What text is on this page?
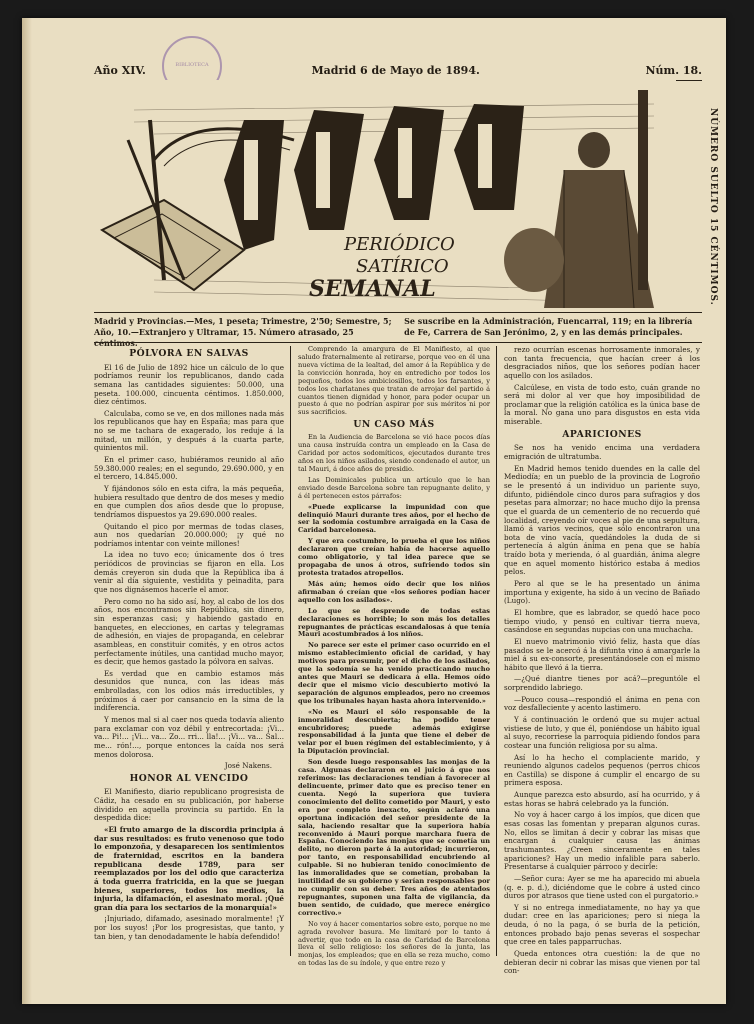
BIBLIOTECA
Año XIV.	Madrid 6 de Mayo de 1894.	Núm. 18.
PERIÓDICO
SATÍRICO
SEMANAL
EL MOTÍN	NÚMERO SUELTO 15 CÉNTIMOS.
Madrid y Provincias.—Mes, 1 peseta; Trimestre, 2'50; Semestre, 5; Año, 10.—Extranjero y Ultramar, 15. Número atrasado, 25 céntimos.
Se suscribe en la Administración, Fuencarral, 119; en la librería de Fe, Carrera de San Jerónimo, 2, y en las demás principales.
PÓLVORA EN SALVAS

El 16 de Julio de 1892 hice un cálculo de lo que podríamos reunir los republicanos, dando cada semana las cantidades siguientes: 50.000, una peseta. 100.000, cincuenta céntimos. 1.850.000, diez céntimos.

Calculaba, como se ve, en dos millones nada más los republicanos que hay en España; mas para que no se me tachara de exagerado, los reduje á la mitad, un millón, y después á la cuarta parte, quinientos mil.

En el primer caso, hubiéramos reunido al año 59.380.000 reales; en el segundo, 29.690.000, y en el tercero, 14.845.000.

Y fijándonos sólo en esta cifra, la más pequeña, hubiera resultado que dentro de dos meses y medio en que cumplen dos años desde que lo propuse, tendríamos dispuestos ya 29.690.000 reales.

Quitando el pico por mermas de todas clases, aun nos quedarían 20.000.000; ¡y qué no podríamos intentar con veinte millones!

La idea no tuvo eco; únicamente dos ó tres periódicos de provincias se fijaron en ella. Los demás creyeron sin duda que la República iba á venir al día siguiente, vestidita y peinadita, para que nos dignásemos hacerle el amor.

Pero como no ha sido así, hoy, al cabo de los dos años, nos encontramos sin República, sin dinero, sin esperanzas casi; y habiendo gastado en banquetes, en elecciones, en cartas y telegramas de adhesión, en viajes de propaganda, en celebrar asambleas, en constituir comités, y en otros actos perfectamente inútiles, una cantidad mucho mayor, es decir, que hemos gastado la pólvora en salvas.

Es verdad que en cambio estamos más desunidos que nunca, con las ideas más embrolladas, con los odios más irreductibles, y próximos á caer por cansancio en la sima de la indiferencia.

Y menos mal si al caer nos queda todavía aliento para exclamar con voz débil y entrecortada: ¡Vi... va... Pi!... ¡Vi... va... Zo... rri... lla!... ¡Vi... va... Sal... me... rón!..., porque entonces la caída nos será menos dolorosa.

José Nakens.

HONOR AL VENCIDO

El Manifiesto, diario republicano progresista de Cádiz, ha cesado en su publicación, por haberse dividido en aquella provincia su partido. En la despedida dice:

«El fruto amargo de la discordia principia á dar sus resultados: es fruto venenoso que todo lo emponzoña, y desaparecen los sentimientos de fraternidad, escritos en la bandera republicana desde 1789, para ser reemplazados por los del odio que caracteriza á toda guerra fratricida, en la que se juegan bienes, superiores, todos los medios, la injuria, la difamación, el asesinato moral. ¡Qué gran día para los sectarios de la monarquía!»

¡Injuriado, difamado, asesinado moralmente! ¡Y por los suyos! ¡Por los progresistas, que tanto, y tan bien, y tan denodadamente le había defendido!

Comprendo la amargura de El Manifiesto, al que saludo fraternalmente al retirarse, porque veo en él una nueva víctima de la lealtad, del amor á la República y de la convicción honrada, hoy en entredicho por todos los pequeños, todos los ambiciosillos, todos los farsantes, y todos los charlatanes que tratan de arrojar del partido á cuantos tienen dignidad y honor, para poder ocupar un puesto á que no podrían aspirar por sus méritos ni por sus sacrificios.

UN CASO MÁS

En la Audiencia de Barcelona se vió hace pocos días una causa instruída contra un empleado en la Casa de Caridad por actos sodomíticos, ejecutados durante tres años en los niños asilados, siendo condenado el autor, un tal Mauri, á doce años de presidio.

Las Dominicales publica un artículo que le han enviado desde Barcelona sobre tan repugnante delito, y á él pertenecen estos párrafos:

«Puede explicarse la impunidad con que delinquió Mauri durante tres años, por el hecho de ser la sodomía costumbre arraigada en la Casa de Caridad barcelonesa.

Y que era costumbre, lo prueba el que los niños declararon que creían había de hacerse aquello como obligatorio, y tal idea parece que se propagaba de unos á otros, sufriendo todos sin protesta tratados atropellos.

Más aún; hemos oído decir que los niños afirmaban ó creían que «los señores podían hacer aquello con los asilados».

Lo que se desprende de todas estas declaraciones es horrible; lo son más los detalles repugnantes de prácticas escandalosas á que tenía Mauri acostumbrados á los niños.

No parece ser este el primer caso ocurrido en el mismo establecimiento oficial de caridad, y hay motivos para presumir, por el dicho de los asilados, que la sodomía se ha venido practicando mucho antes que Mauri se dedicara á ella. Hemos oído decir que el mismo vicio descubierto motivó la separación de algunos empleados, pero no creemos que los tribunales hayan hasta ahora intervenido.»

«No es Mauri el sólo responsable de la inmoralidad descubierta; ha podido tener encubridores; puede además exigirse responsabilidad á la junta que tiene el deber de velar por el buen régimen del establecimiento, y á la Diputación provincial.

Son desde luego responsables las monjas de la casa. Algunas declararon en el juicio á que nos referimos: las declaraciones tendían á favorecer al delincuente, primer dato que es preciso tener en cuenta. Negó la superiora que tuviera conocimiento del delito cometido por Mauri, y esto era por completo inexacto, según aclaró una oportuna indicación del señor presidente de la sala, haciendo resaltar que la superiora había reconvenido á Mauri porque marchara fuera de España. Conociendo las monjas que se cometía un delito, no dieron parte á la autoridad; incurrieron, por tanto, en responsabilidad encubriendo al culpable. Si no hubieran tenido conocimiento de las inmoralidades que se cometían, probaban la inutilidad de su gobierno y serían responsables por no cumplir con su deber. Tres años de atentados repugnantes, suponen una falta de vigilancia, da buen sentido, de cuidado, que merece enérgico correctivo.»

No voy á hacer comentarios sobre esto, porque no me agrada revolver basura. Me limitaré por lo tanto á advertir, que todo en la casa de Caridad de Barcelona lleva el sello religioso: los señores de la junta, las monjas, los empleados; que en ella se reza mucho, como en todas las de su índole, y que entre rezo y

rezo ocurrían escenas horrosamente inmorales, y con tanta frecuencia, que hacían creer á los desgraciados niños, que los señores podían hacer aquello con los asilados.

Calcúlese, en vista de todo esto, cuán grande no será mi dolor al ver que hoy imposibilidad de proclamar que la religión católica es la única base de la moral. No gana uno para disgustos en esta vida miserable.

APARICIONES

Se nos ha venido encima una verdadera emigración de ultratumba.

En Madrid hemos tenido duendes en la calle del Mediodía; en un pueblo de la provincia de Logroño se le presentó á un individuo un pariente suyo, difunto, pidiéndole cinco duros para sufragios y dos pesetas para almorzar; no hace mucho dijo la prensa que el guarda de un cementerio de no recuerdo qué localidad, creyendo oír voces al pie de una sepultura, llamó á varios vecinos, que sólo encontraron una bota de vino vacía, quedándoles la duda de si pertenecía á algún ánima en pena que se había traído bota y merienda, ó al guardián, ánima alegre que en aquel momento histórico estaba á medios pelos.

Pero al que se le ha presentado un ánima importuna y exigente, ha sido á un vecino de Bañado (Lugo).

El hombre, que es labrador, se quedó hace poco tiempo viudo, y pensó en cultivar tierra nueva, casándose en segundas nupcias con una muchacha.

El nuevo matrimonio vivió feliz, hasta que días pasados se le acercó á la difunta vino á amargarle la miel á su ex-consorte, presentándosele con el mismo hábito que llevó á la tierra.

—¿Qué diantre tienes por acá?—preguntóle el sorprendido labriego.

—Pouco cousa—respondió el ánima en pena con voz desfalleciente y acento lastimero.

Y á continuación le ordenó que su mujer actual vistiese de luto, y que él, poniéndose un hábito igual al suyo, recorriese la parroquia pidiendo fondos para costear una función religiosa por su alma.

Así lo ha hecho el complaciente marido, y reuniendo algunos cadelos pequenos (perros chicos en Castilla) se dispone á cumplir el encargo de su primera esposa.

Aunque parezca esto absurdo, así ha ocurrido, y á estas horas se habrá celebrado ya la función.

No voy á hacer cargo á los impíos, que dicen que esas cosas las fomentan y preparan algunos curas. No, ellos se limitan á decir y cobrar las misas que encargan á cualquier causa las ánimas trashumantes. ¿Creen sinceramente en tales apariciones? Hay un medio infalible para saberlo. Presentarse á cualquier párroco y decirle:

—Señor cura: Ayer se me ha aparecido mi abuela (q. e. p. d.), diciéndome que le cobre á usted cinco duros por atrasos que tiene usted con el purgatorio.»

Y si no entrega inmediatamente, no hay ya que dudar: cree en las apariciones; pero si niega la deuda, ó no la paga, ó se burla de la petición, entonces probado bajo penas severas el sospechar que cree en tales papparruchas.

Queda entonces otra cuestión: la de que no debieran decir ni cobrar las misas que vienen por tal con-
